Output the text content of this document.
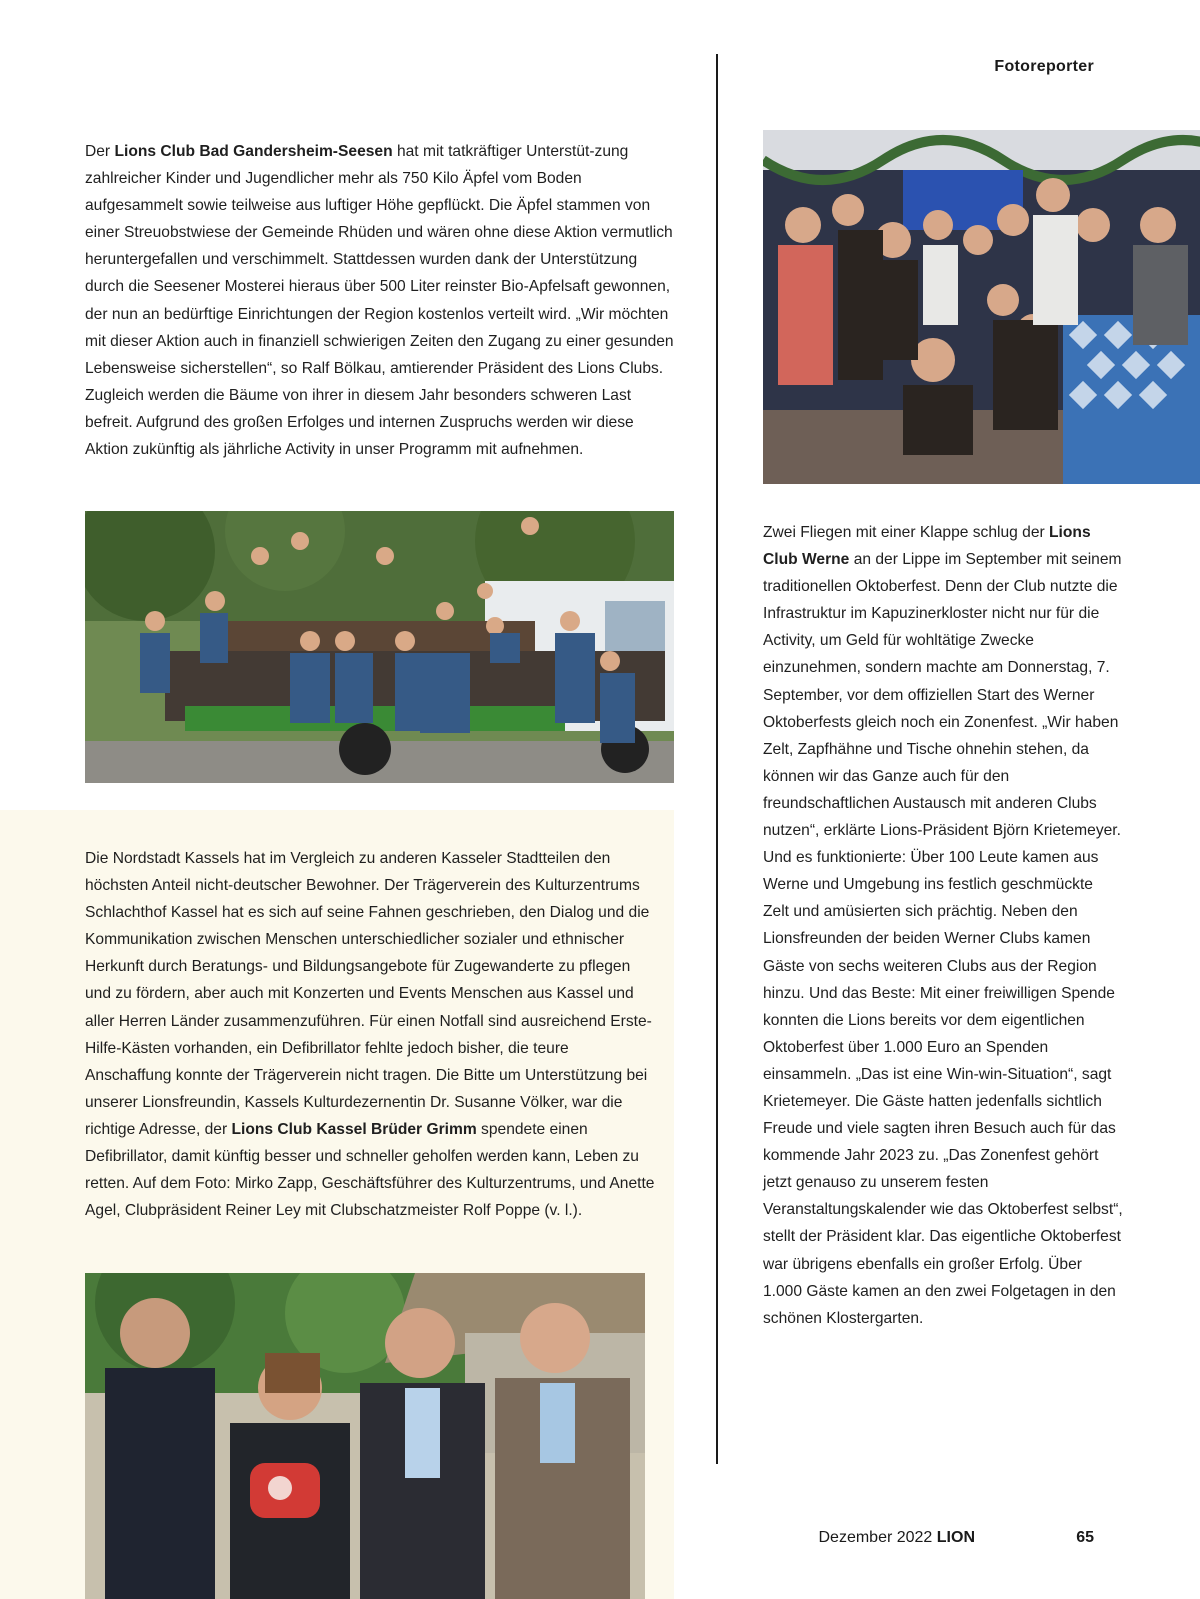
Fotoreporter

Der Lions Club Bad Gandersheim-Seesen hat mit tatkräftiger Unterstüt-zung zahlreicher Kinder und Jugendlicher mehr als 750 Kilo Äpfel vom Boden aufgesammelt sowie teilweise aus luftiger Höhe gepflückt. Die Äpfel stammen von einer Streuobstwiese der Gemeinde Rhüden und wären ohne diese Aktion vermutlich heruntergefallen und verschimmelt. Stattdessen wurden dank der Unterstützung durch die Seesener Mosterei hieraus über 500 Liter reinster Bio-Apfelsaft gewonnen, der nun an bedürftige Einrichtungen der Region kostenlos verteilt wird. „Wir möchten mit dieser Aktion auch in finanziell schwierigen Zeiten den Zugang zu einer gesunden Lebensweise sicherstellen“, so Ralf Bölkau, amtierender Präsident des Lions Clubs. Zugleich werden die Bäume von ihrer in diesem Jahr besonders schweren Last befreit. Aufgrund des großen Erfolges und internen Zuspruchs werden wir diese Aktion zukünftig als jährliche Activity in unser Programm mit aufnehmen.

Die Nordstadt Kassels hat im Vergleich zu anderen Kasseler Stadtteilen den höchsten Anteil nicht-deutscher Bewohner. Der Trägerverein des Kulturzentrums Schlachthof Kassel hat es sich auf seine Fahnen geschrieben, den Dialog und die Kommunikation zwischen Menschen unterschiedlicher sozialer und ethnischer Herkunft durch Beratungs- und Bildungsangebote für Zugewanderte zu pflegen und zu fördern, aber auch mit Konzerten und Events Menschen aus Kassel und aller Herren Länder zusammenzuführen. Für einen Notfall sind ausreichend Erste-Hilfe-Kästen vorhanden, ein Defibrillator fehlte jedoch bisher, die teure Anschaffung konnte der Trägerverein nicht tragen. Die Bitte um Unterstützung bei unserer Lionsfreundin, Kassels Kulturdezernentin Dr. Susanne Völker, war die richtige Adresse, der Lions Club Kassel Brüder Grimm spendete einen Defibrillator, damit künftig besser und schneller geholfen werden kann, Leben zu retten. Auf dem Foto: Mirko Zapp, Geschäftsführer des Kulturzentrums, und Anette Agel, Clubpräsident Reiner Ley mit Clubschatzmeister Rolf Poppe (v. l.).

Zwei Fliegen mit einer Klappe schlug der Lions Club Werne an der Lippe im September mit seinem traditionellen Oktoberfest. Denn der Club nutzte die Infrastruktur im Kapuzinerkloster nicht nur für die Activity, um Geld für wohltätige Zwecke einzunehmen, sondern machte am Donnerstag, 7. September, vor dem offiziellen Start des Werner Oktoberfests gleich noch ein Zonenfest. „Wir haben Zelt, Zapfhähne und Tische ohnehin stehen, da können wir das Ganze auch für den freundschaftlichen Austausch mit anderen Clubs nutzen“, erklärte Lions-Präsident Björn Krietemeyer. Und es funktionierte: Über 100 Leute kamen aus Werne und Umgebung ins festlich geschmückte Zelt und amüsierten sich prächtig. Neben den Lionsfreunden der beiden Werner Clubs kamen Gäste von sechs weiteren Clubs aus der Region hinzu. Und das Beste: Mit einer freiwilligen Spende konnten die Lions bereits vor dem eigentlichen Oktoberfest über 1.000 Euro an Spenden einsammeln. „Das ist eine Win-win-Situation“, sagt Krietemeyer. Die Gäste hatten jedenfalls sichtlich Freude und viele sagten ihren Besuch auch für das kommende Jahr 2023 zu. „Das Zonenfest gehört jetzt genauso zu unserem festen Veranstaltungskalender wie das Oktoberfest selbst“, stellt der Präsident klar. Das eigentliche Oktoberfest war übrigens ebenfalls ein großer Erfolg. Über 1.000 Gäste kamen an den zwei Folgetagen in den schönen Klostergarten.

Dezember 2022 LION	65
